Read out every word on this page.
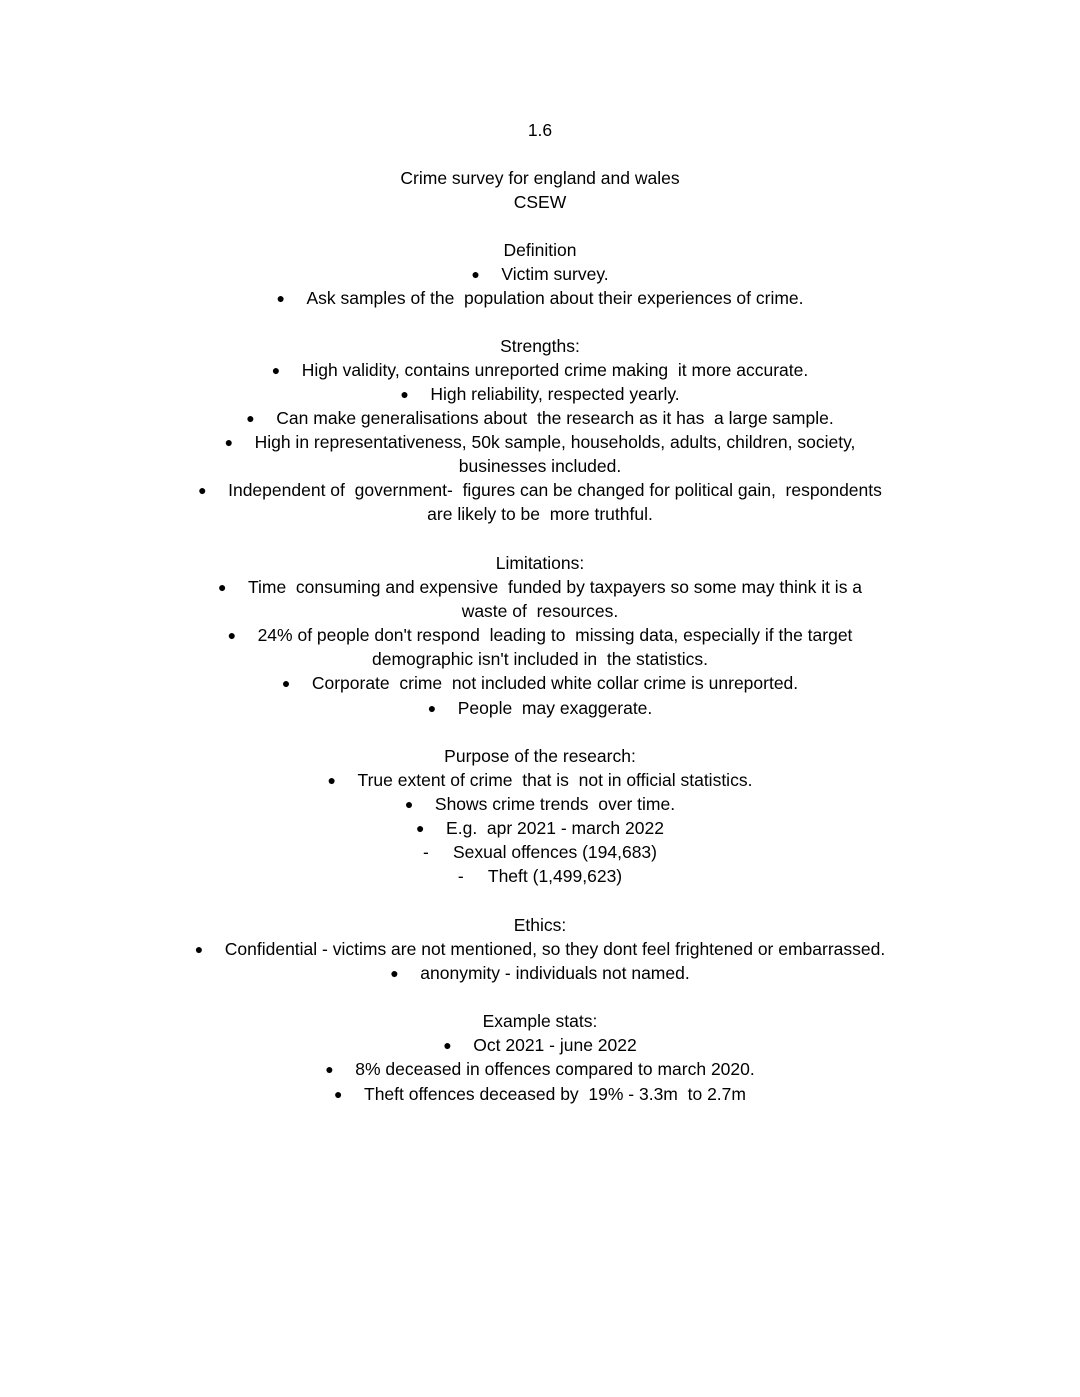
1.6
Crime survey for england and wales
CSEW
Definition
● Victim survey.
● Ask samples of the  population about their experiences of crime.
Strengths:
● High validity, contains unreported crime making  it more accurate.
● High reliability, respected yearly.
● Can make generalisations about  the research as it has  a large sample.
● High in representativeness, 50k sample, households, adults, children, society,
businesses included.
● Independent of  government-  figures can be changed for political gain,  respondents
are likely to be  more truthful.
Limitations:
● Time  consuming and expensive  funded by taxpayers so some may think it is a
waste of  resources.
● 24% of people don't respond  leading to  missing data, especially if the target
demographic isn't included in  the statistics.
● Corporate  crime  not included white collar crime is unreported.
● People  may exaggerate.
Purpose of the research:
● True extent of crime  that is  not in official statistics.
● Shows crime trends  over time.
● E.g.  apr 2021 - march 2022
- Sexual offences (194,683)
- Theft (1,499,623)
Ethics:
● Confidential - victims are not mentioned, so they dont feel frightened or embarrassed.
● anonymity - individuals not named.
Example stats:
● Oct 2021 - june 2022
● 8% deceased in offences compared to march 2020.
● Theft offences deceased by  19% - 3.3m  to 2.7m
